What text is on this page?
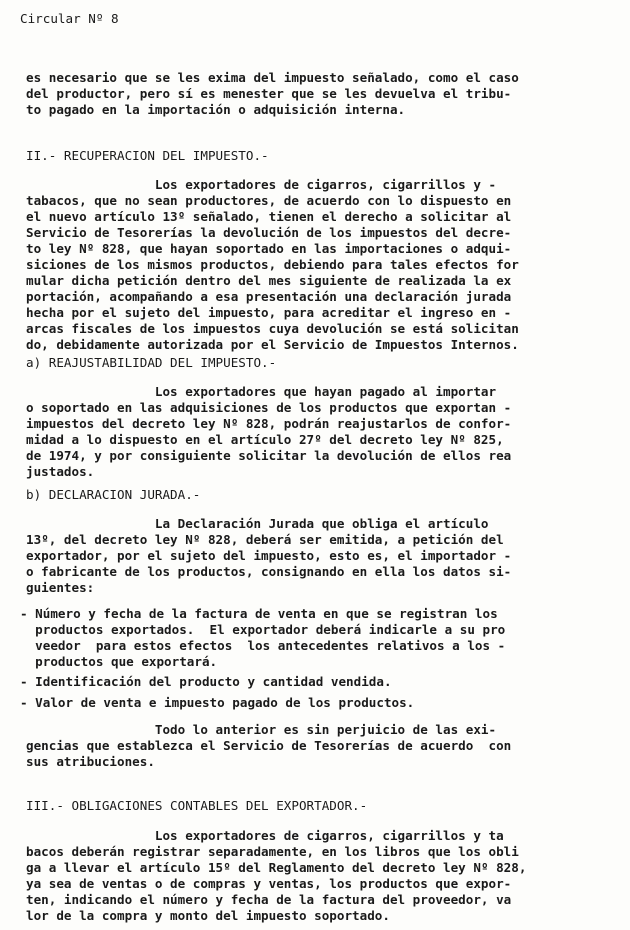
Circular Nº 8
es necesario que se les exima del impuesto señalado, como el caso
del productor, pero sí es menester que se les devuelva el tribu-
to pagado en la importación o adquisición interna.
II.- RECUPERACION DEL IMPUESTO.-
Los exportadores de cigarros, cigarrillos y -
tabacos, que no sean productores, de acuerdo con lo dispuesto en
el nuevo artículo 13º señalado, tienen el derecho a solicitar al
Servicio de Tesorerías la devolución de los impuestos del decre-
to ley Nº 828, que hayan soportado en las importaciones o adqui-
siciones de los mismos productos, debiendo para tales efectos for
mular dicha petición dentro del mes siguiente de realizada la ex
portación, acompañando a esa presentación una declaración jurada
hecha por el sujeto del impuesto, para acreditar el ingreso en -
arcas fiscales de los impuestos cuya devolución se está solicitan
do, debidamente autorizada por el Servicio de Impuestos Internos.
a) REAJUSTABILIDAD DEL IMPUESTO.-
Los exportadores que hayan pagado al importar
o soportado en las adquisiciones de los productos que exportan -
impuestos del decreto ley Nº 828, podrán reajustarlos de confor-
midad a lo dispuesto en el artículo 27º del decreto ley Nº 825,
de 1974, y por consiguiente solicitar la devolución de ellos rea
justados.
b) DECLARACION JURADA.-
La Declaración Jurada que obliga el artículo
13º, del decreto ley Nº 828, deberá ser emitida, a petición del
exportador, por el sujeto del impuesto, esto es, el importador -
o fabricante de los productos, consignando en ella los datos si-
guientes:
- Número y fecha de la factura de venta en que se registran los
productos exportados.  El exportador deberá indicarle a su pro
veedor  para estos efectos  los antecedentes relativos a los -
productos que exportará.
- Identificación del producto y cantidad vendida.
- Valor de venta e impuesto pagado de los productos.
Todo lo anterior es sin perjuicio de las exi-
gencias que establezca el Servicio de Tesorerías de acuerdo  con
sus atribuciones.
III.- OBLIGACIONES CONTABLES DEL EXPORTADOR.-
Los exportadores de cigarros, cigarrillos y ta
bacos deberán registrar separadamente, en los libros que los obli
ga a llevar el artículo 15º del Reglamento del decreto ley Nº 828,
ya sea de ventas o de compras y ventas, los productos que expor-
ten, indicando el número y fecha de la factura del proveedor, va
lor de la compra y monto del impuesto soportado.
